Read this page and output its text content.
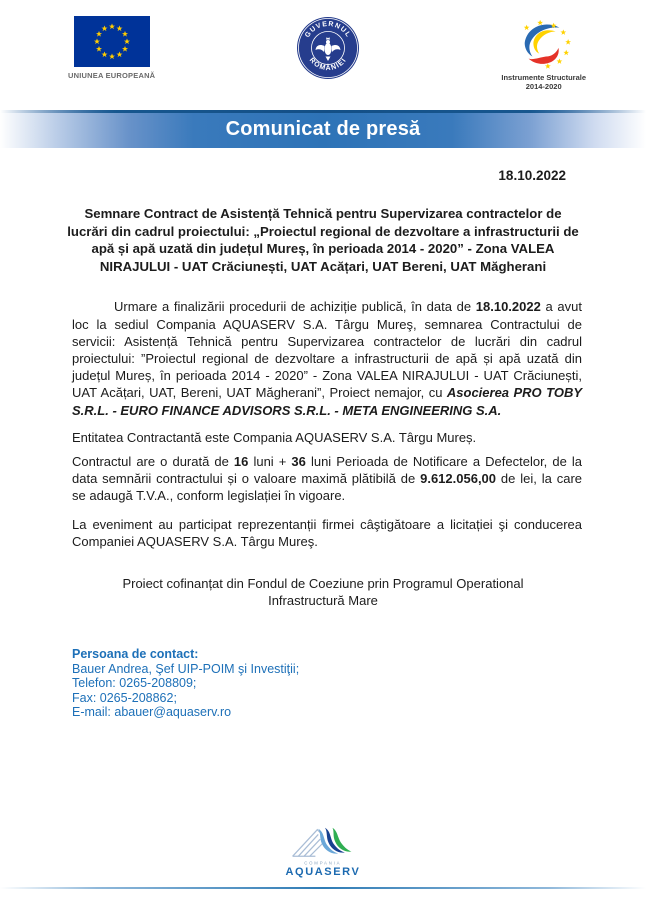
UNIUNEA EUROPEANĂ
GUVERNUL
ROMÂNIEI
Instrumente Structurale
2014-2020
Comunicat de presă
18.10.2022
Semnare Contract de Asistență Tehnică pentru Supervizarea contractelor de lucrări din cadrul proiectului: „Proiectul regional de dezvoltare a infrastructurii de apă și apă uzată din județul Mureș, în perioada 2014 - 2020” - Zona VALEA NIRAJULUI - UAT Crăciunești, UAT Acățari, UAT Bereni, UAT Măgherani

Urmare a finalizării procedurii de achiziție publică, în data de 18.10.2022 a avut loc la sediul Compania AQUASERV S.A. Târgu Mureş, semnarea Contractului de servicii: Asistență Tehnică pentru Supervizarea contractelor de lucrări din cadrul proiectului: ”Proiectul regional de dezvoltare a infrastructurii de apă și apă uzată din județul Mureș, în perioada 2014 - 2020” - Zona VALEA NIRAJULUI - UAT Crăciunești, UAT Acățari, UAT, Bereni, UAT Măgherani”, Proiect nemajor, cu Asocierea PRO TOBY S.R.L. - EURO FINANCE ADVISORS S.R.L. - META ENGINEERING S.A.

Entitatea Contractantă este Compania AQUASERV S.A. Târgu Mureș.

Contractul are o durată de 16 luni + 36 luni Perioada de Notificare a Defectelor, de la data semnării contractului și o valoare maximă plătibilă de 9.612.056,00 de lei, la care se adaugă T.V.A., conform legislației în vigoare.

La eveniment au participat reprezentanții firmei câştigătoare a licitației şi conducerea Companiei AQUASERV S.A. Târgu Mureş.

Proiect cofinanțat din Fondul de Coeziune prin Programul Operational Infrastructură Mare

Persoana de contact:
Bauer Andrea, Şef UIP-POIM şi Investiţii;
Telefon: 0265-208809;
Fax: 0265-208862;
E-mail: abauer@aquaserv.ro
COMPANIA
AQUASERV
